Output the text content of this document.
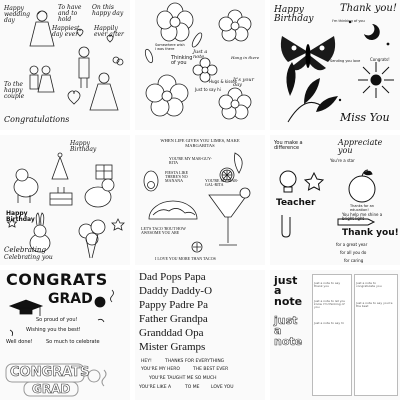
Happy wedding day
To have and to hold
On this happy day
Happiest day ever
Happily ever after
To the happy couple
Congratulations
Somewhere wish I was there
Just a note
Thinking of you
Hang in there
Hugs & kisses
Just to say hi
It's your day
Happy Birthday
Thank you!
Congrats!
Sending you love
I'm thinking of you
Miss You
Happy Birthday
Happy Birthday
Celebrating
Celebrating you
WHEN LIFE GIVES YOU LIMES, MAKE MARGARITAS
YOU'RE MY MAR-GUY-RITA
FIESTA LIKE THERE'S NO MANANA	YOU'RE MY MAR-GAL-RITA
LET'S TACO 'BOUT HOW AWESOME YOU ARE
I LOVE YOU MORE THAN TACOS
You make a difference
Appreciate you
You're a star
Thanks for an education!
Teacher
You help me shine a bright light
Thank you!
for a great year
for all you do
for caring
CONGRATS
GRAD
So proud of you!
Wishing you the best!
Well done!	So much to celebrate
CONGRATS
GRAD
Dad Pops Papa
Daddy Daddy-O
Pappy Padre Pa
Father Grandpa
Granddad Opa
Mister Gramps
HEY!	THANKS FOR EVERYTHING
YOU'RE MY HERO	THE BEST EVER
YOU'RE TAUGHT ME SO MUCH
YOU'RE LIKE A	TO ME	LOVE YOU
just a note
just a note
Just a note to say thank you
Just a note to let you know I'm thinking of you
Just a note to say hi
Just a note to congratulate you
Just a note to say you're the best
